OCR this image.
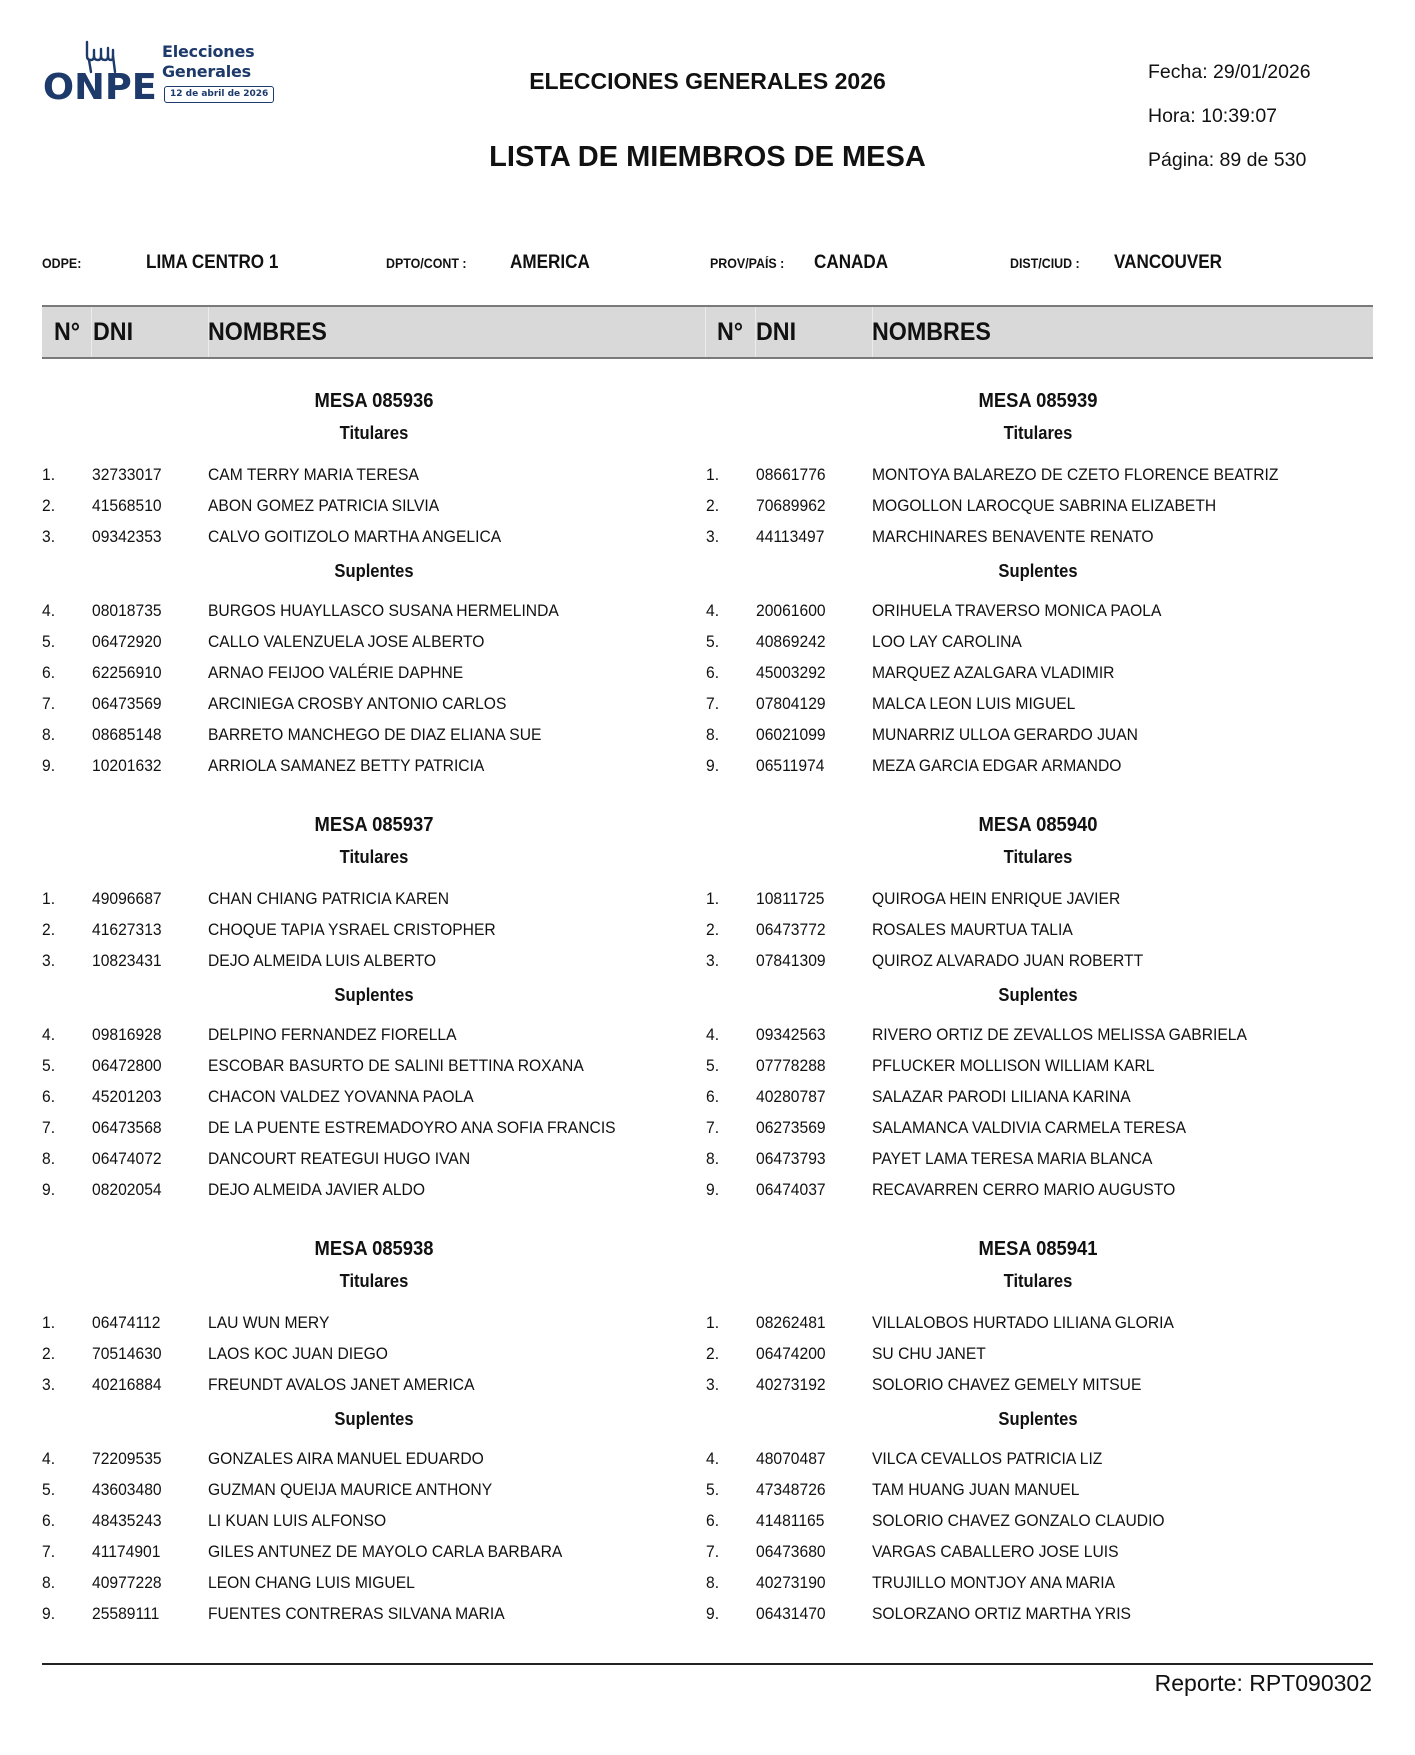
ONPE
Elecciones
Generales
12 de abril de 2026	ELECCIONES GENERALES 2026
LISTA DE MIEMBROS DE MESA
Fecha: 29/01/2026
Hora: 10:39:07
Página: 89 de 530
ODPE:	LIMA CENTRO 1	DPTO/CONT : AMERICA	PROV/PAÍS : CANADA	DIST/CIUD : VANCOUVER
N° DNI	NOMBRES	N° DNI	NOMBRES
MESA 085936
Titulares
1. 32733017	CAM TERRY MARIA TERESA
2. 41568510	ABON GOMEZ PATRICIA SILVIA
3. 09342353	CALVO GOITIZOLO MARTHA ANGELICA
Suplentes
4. 08018735	BURGOS HUAYLLASCO SUSANA HERMELINDA
5. 06472920	CALLO VALENZUELA JOSE ALBERTO
6. 62256910	ARNAO FEIJOO VALÉRIE DAPHNE
7. 06473569	ARCINIEGA CROSBY ANTONIO CARLOS
8. 08685148	BARRETO MANCHEGO DE DIAZ ELIANA SUE
9. 10201632	ARRIOLA SAMANEZ BETTY PATRICIA
MESA 085937
Titulares
1. 49096687	CHAN CHIANG PATRICIA KAREN
2. 41627313	CHOQUE TAPIA YSRAEL CRISTOPHER
3. 10823431	DEJO ALMEIDA LUIS ALBERTO
Suplentes
4. 09816928	DELPINO FERNANDEZ FIORELLA
5. 06472800	ESCOBAR BASURTO DE SALINI BETTINA ROXANA
6. 45201203	CHACON VALDEZ YOVANNA PAOLA
7. 06473568	DE LA PUENTE ESTREMADOYRO ANA SOFIA FRANCIS
8. 06474072	DANCOURT REATEGUI HUGO IVAN
9. 08202054	DEJO ALMEIDA JAVIER ALDO
MESA 085938
Titulares
1. 06474112	LAU WUN MERY
2. 70514630	LAOS KOC JUAN DIEGO
3. 40216884	FREUNDT AVALOS JANET AMERICA
Suplentes
4. 72209535	GONZALES AIRA MANUEL EDUARDO
5. 43603480	GUZMAN QUEIJA MAURICE ANTHONY
6. 48435243	LI KUAN LUIS ALFONSO
7. 41174901	GILES ANTUNEZ DE MAYOLO CARLA BARBARA
8. 40977228	LEON CHANG LUIS MIGUEL
9. 25589111	FUENTES CONTRERAS SILVANA MARIA
MESA 085939
Titulares
1. 08661776	MONTOYA BALAREZO DE CZETO FLORENCE BEATRIZ
2. 70689962	MOGOLLON LAROCQUE SABRINA ELIZABETH
3. 44113497	MARCHINARES BENAVENTE RENATO
Suplentes
4. 20061600	ORIHUELA TRAVERSO MONICA PAOLA
5. 40869242	LOO LAY CAROLINA
6. 45003292	MARQUEZ AZALGARA VLADIMIR
7. 07804129	MALCA LEON LUIS MIGUEL
8. 06021099	MUNARRIZ ULLOA GERARDO JUAN
9. 06511974	MEZA GARCIA EDGAR ARMANDO
MESA 085940
Titulares
1. 10811725	QUIROGA HEIN ENRIQUE JAVIER
2. 06473772	ROSALES MAURTUA TALIA
3. 07841309	QUIROZ ALVARADO JUAN ROBERTT
Suplentes
4. 09342563	RIVERO ORTIZ DE ZEVALLOS MELISSA GABRIELA
5. 07778288	PFLUCKER MOLLISON WILLIAM KARL
6. 40280787	SALAZAR PARODI LILIANA KARINA
7. 06273569	SALAMANCA VALDIVIA CARMELA TERESA
8. 06473793	PAYET LAMA TERESA MARIA BLANCA
9. 06474037	RECAVARREN CERRO MARIO AUGUSTO
MESA 085941
Titulares
1. 08262481	VILLALOBOS HURTADO LILIANA GLORIA
2. 06474200	SU CHU JANET
3. 40273192	SOLORIO CHAVEZ GEMELY MITSUE
Suplentes
4. 48070487	VILCA CEVALLOS PATRICIA LIZ
5. 47348726	TAM HUANG JUAN MANUEL
6. 41481165	SOLORIO CHAVEZ GONZALO CLAUDIO
7. 06473680	VARGAS CABALLERO JOSE LUIS
8. 40273190	TRUJILLO MONTJOY ANA MARIA
9. 06431470	SOLORZANO ORTIZ MARTHA YRIS
Reporte: RPT090302
